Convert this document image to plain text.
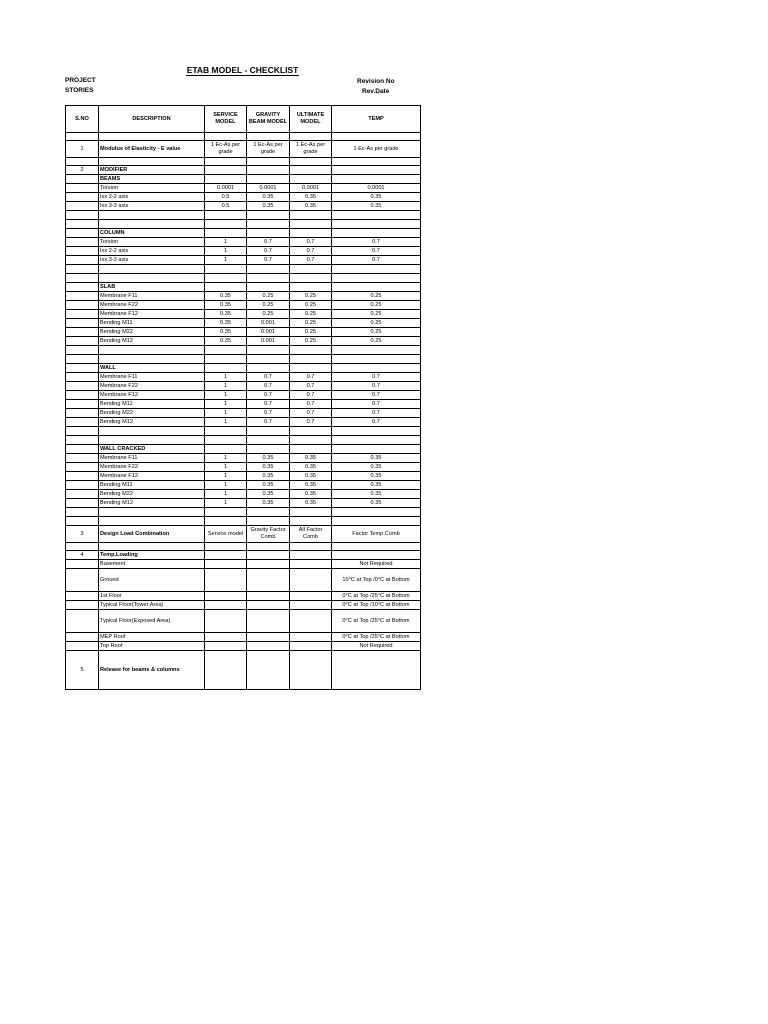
ETAB MODEL - CHECKLIST
PROJECT
STORIES
Revision No
Rev.Date
S.NO	DESCRIPTION	SERVICE MODEL	GRAVITY BEAM MODEL	ULTIMATE MODEL	TEMP

1	Modulus of Elasticity - E value	1 Ec-As per grade	1 Ec-As per grade	1 Ec-As per grade	1 Ec-As per grade

2	MODIFIER				
	BEAMS				
	Torsion	0.0001	0.0001	0.0001	0.0001
	Ixx 2-2 axis	0.5	0.35	0.35	0.35
	Ixx 3-3 axis	0.5	0.35	0.35	0.35

	COLUMN				
	Torsion	1	0.7	0.7	0.7
	Ixx 2-2 axis	1	0.7	0.7	0.7
	Ixx 3-3 axis	1	0.7	0.7	0.7

	SLAB				
	Membrane F11	0.35	0.25	0.25	0.25
	Membrane F22	0.35	0.25	0.25	0.25
	Membrane F12	0.35	0.25	0.25	0.25
	Bending M11	0.35	0.001	0.25	0.25
	Bending M22	0.35	0.001	0.25	0.25
	Bending M12	0.35	0.001	0.25	0.25

	WALL				
	Membrane F11	1	0.7	0.7	0.7
	Membrane F22	1	0.7	0.7	0.7
	Membrane F12	1	0.7	0.7	0.7
	Bending M11	1	0.7	0.7	0.7
	Bending M22	1	0.7	0.7	0.7
	Bending M12	1	0.7	0.7	0.7

	WALL CRACKED				
	Membrane F11	1	0.35	0.35	0.35
	Membrane F22	1	0.35	0.35	0.35
	Membrane F12	1	0.35	0.35	0.35
	Bending M11	1	0.35	0.35	0.35
	Bending M22	1	0.35	0.35	0.35
	Bending M12	1	0.35	0.35	0.35

3	Design Load Combination	Service model	Gravity Factor Comb	All Factor Comb	Factor Temp.Comb

4	Temp.Loading				
	Basement				Not Required
	Ground				10°C at Top /0°C at Bottom
	1st Floor				0°C at Top /25°C at Bottom
	Typical Floor(Tower Area)				0°C at Top /10°C at Bottom
	Typical Floor(Exposed Area)				0°C at Top /25°C at Bottom
	MEP Roof				0°C at Top /25°C at Bottom
	Top Roof				Not Required
5	Release for beams & columns				
